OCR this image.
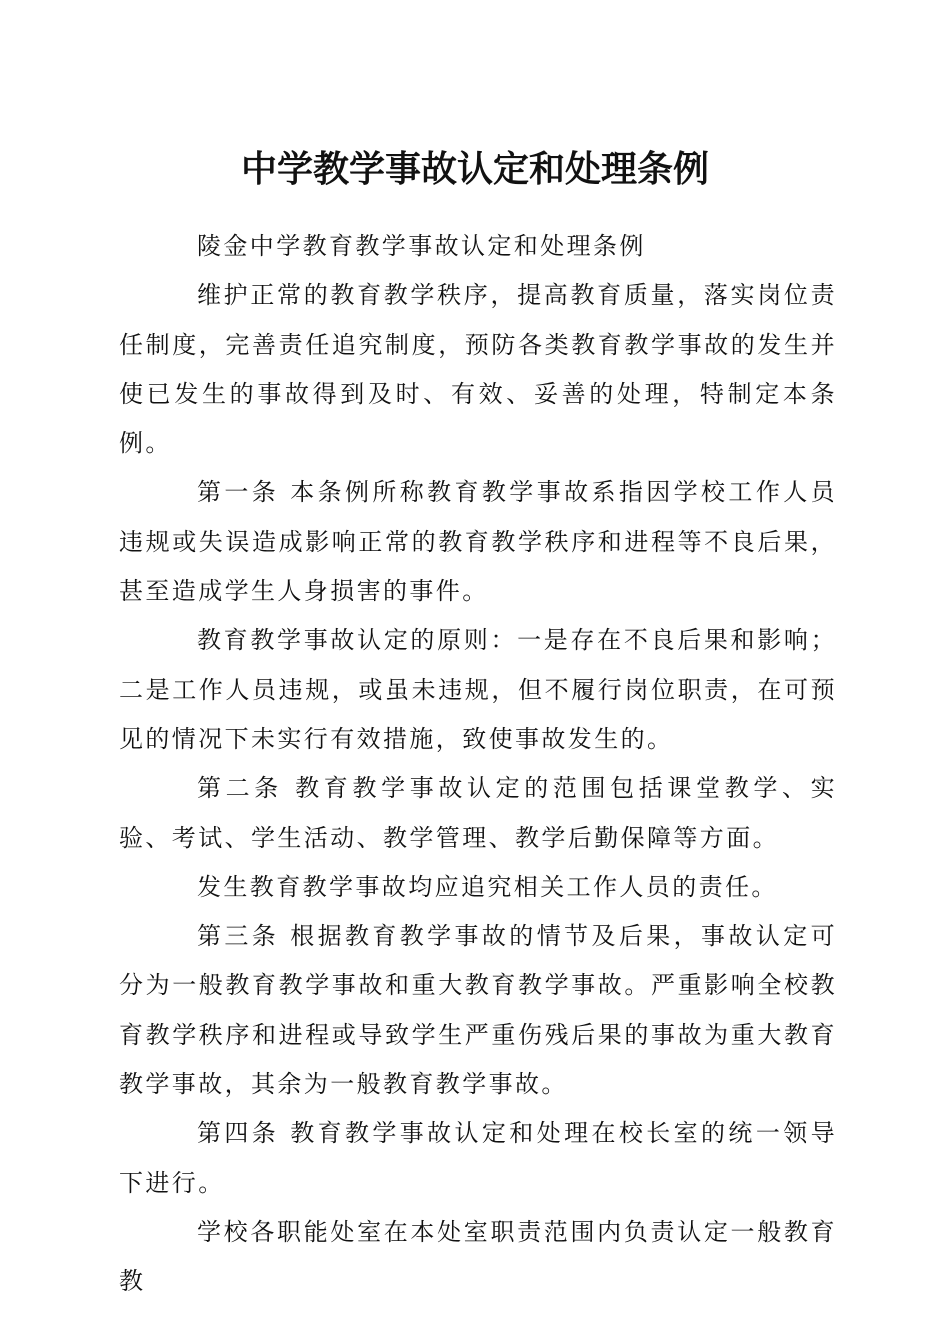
中学教学事故认定和处理条例

陵金中学教育教学事故认定和处理条例

维护正常的教育教学秩序，提高教育质量，落实岗位责任制度，完善责任追究制度，预防各类教育教学事故的发生并使已发生的事故得到及时、有效、妥善的处理，特制定本条例。

第一条 本条例所称教育教学事故系指因学校工作人员违规或失误造成影响正常的教育教学秩序和进程等不良后果，甚至造成学生人身损害的事件。

教育教学事故认定的原则：一是存在不良后果和影响；二是工作人员违规，或虽未违规，但不履行岗位职责，在可预见的情况下未实行有效措施，致使事故发生的。

第二条 教育教学事故认定的范围包括课堂教学、实验、考试、学生活动、教学管理、教学后勤保障等方面。

发生教育教学事故均应追究相关工作人员的责任。

第三条 根据教育教学事故的情节及后果，事故认定可分为一般教育教学事故和重大教育教学事故。严重影响全校教育教学秩序和进程或导致学生严重伤残后果的事故为重大教育教学事故，其余为一般教育教学事故。

第四条 教育教学事故认定和处理在校长室的统一领导下进行。

学校各职能处室在本处室职责范围内负责认定一般教育教
